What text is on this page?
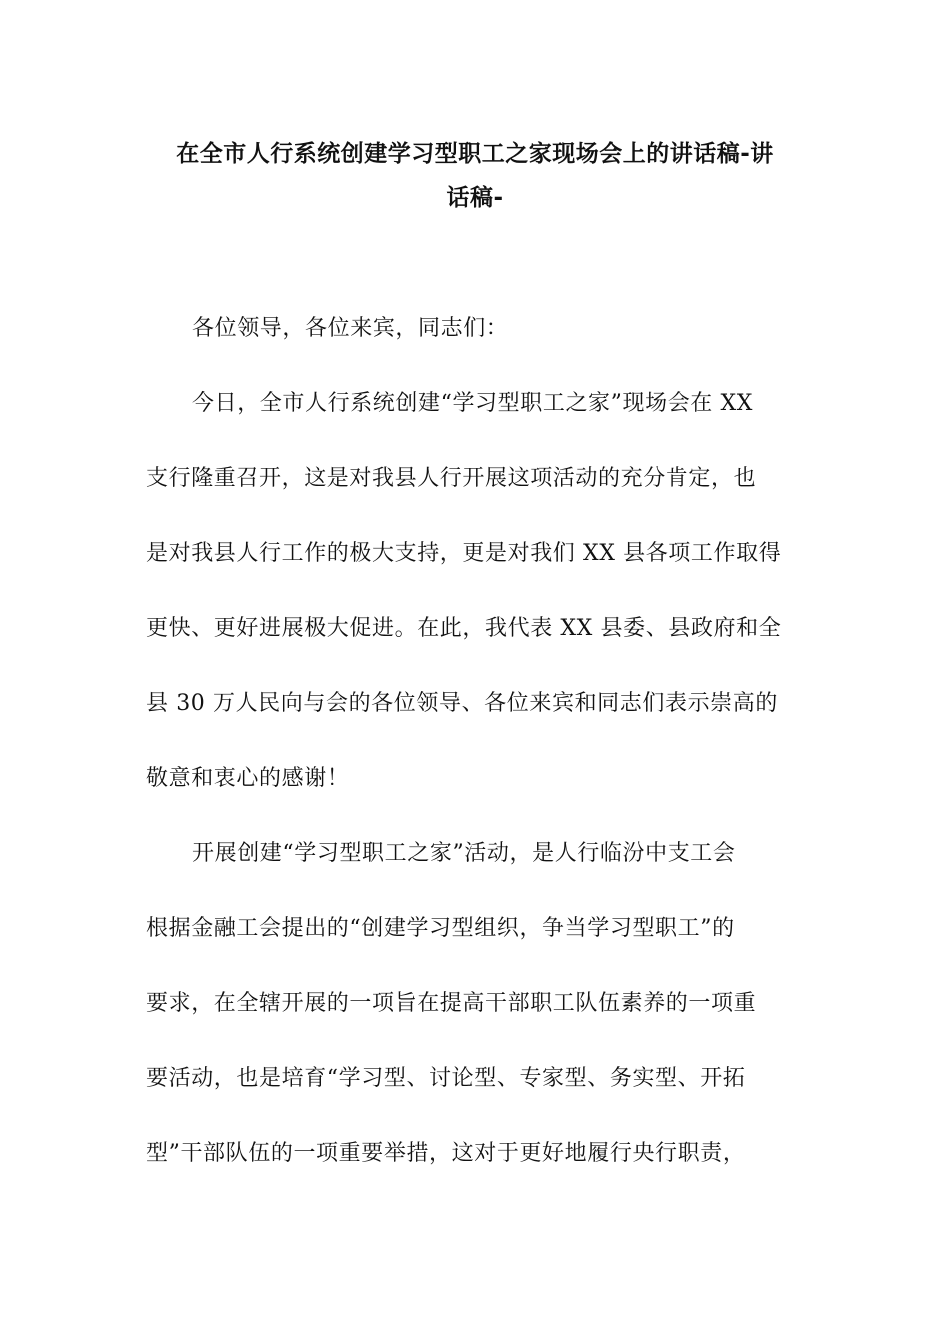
在全市人行系统创建学习型职工之家现场会上的讲话稿-讲
话稿-
各位领导，各位来宾，同志们：
今日，全市人行系统创建“学习型职工之家”现场会在 XX
支行隆重召开，这是对我县人行开展这项活动的充分肯定，也
是对我县人行工作的极大支持，更是对我们 XX 县各项工作取得
更快、更好进展极大促进。在此，我代表 XX 县委、县政府和全
县 30 万人民向与会的各位领导、各位来宾和同志们表示崇高的
敬意和衷心的感谢！
开展创建“学习型职工之家”活动，是人行临汾中支工会
根据金融工会提出的“创建学习型组织，争当学习型职工”的
要求，在全辖开展的一项旨在提高干部职工队伍素养的一项重
要活动，也是培育“学习型、讨论型、专家型、务实型、开拓
型”干部队伍的一项重要举措，这对于更好地履行央行职责，
